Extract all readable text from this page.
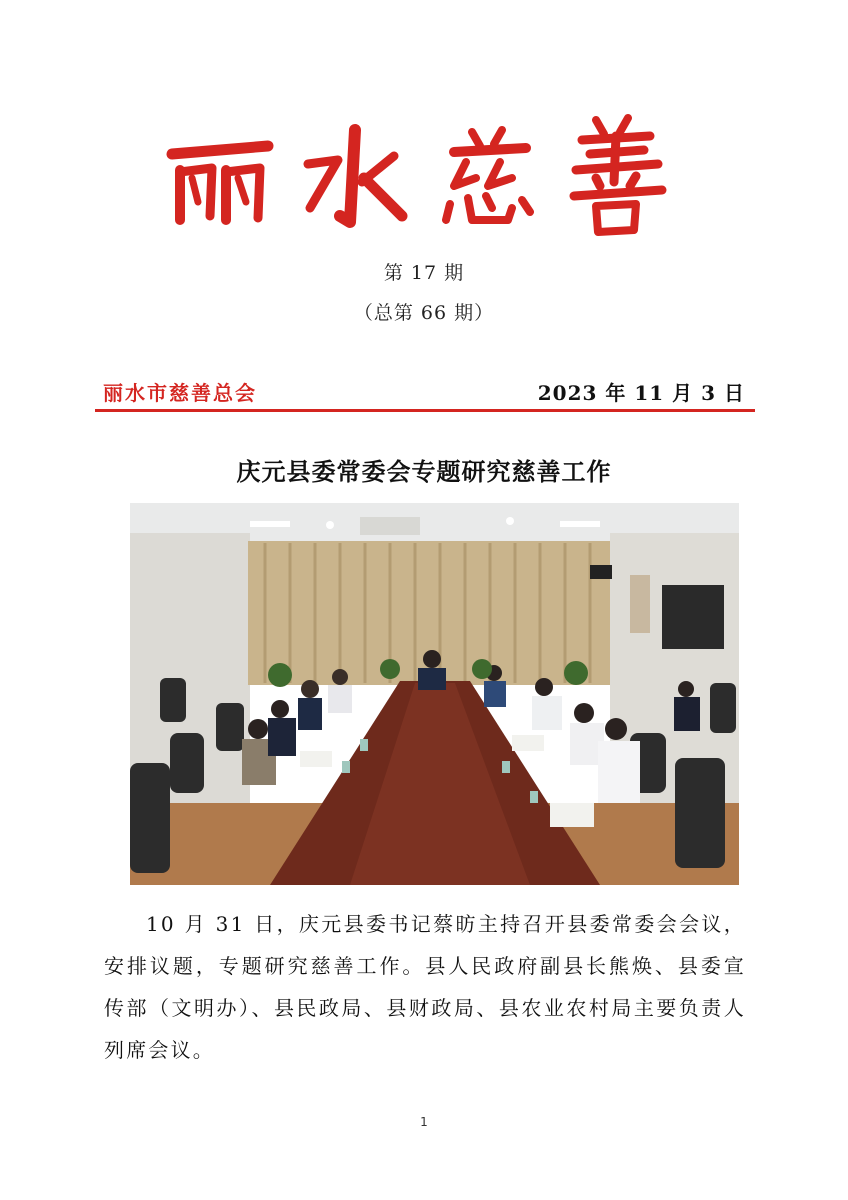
第 17 期
（总第 66 期）
丽水市慈善总会	2023 年 11 月 3 日
庆元县委常委会专题研究慈善工作

10 月 31 日，庆元县委书记蔡昉主持召开县委常委会会议，安排议题，专题研究慈善工作。县人民政府副县长熊焕、县委宣传部（文明办）、县民政局、县财政局、县农业农村局主要负责人列席会议。

1
